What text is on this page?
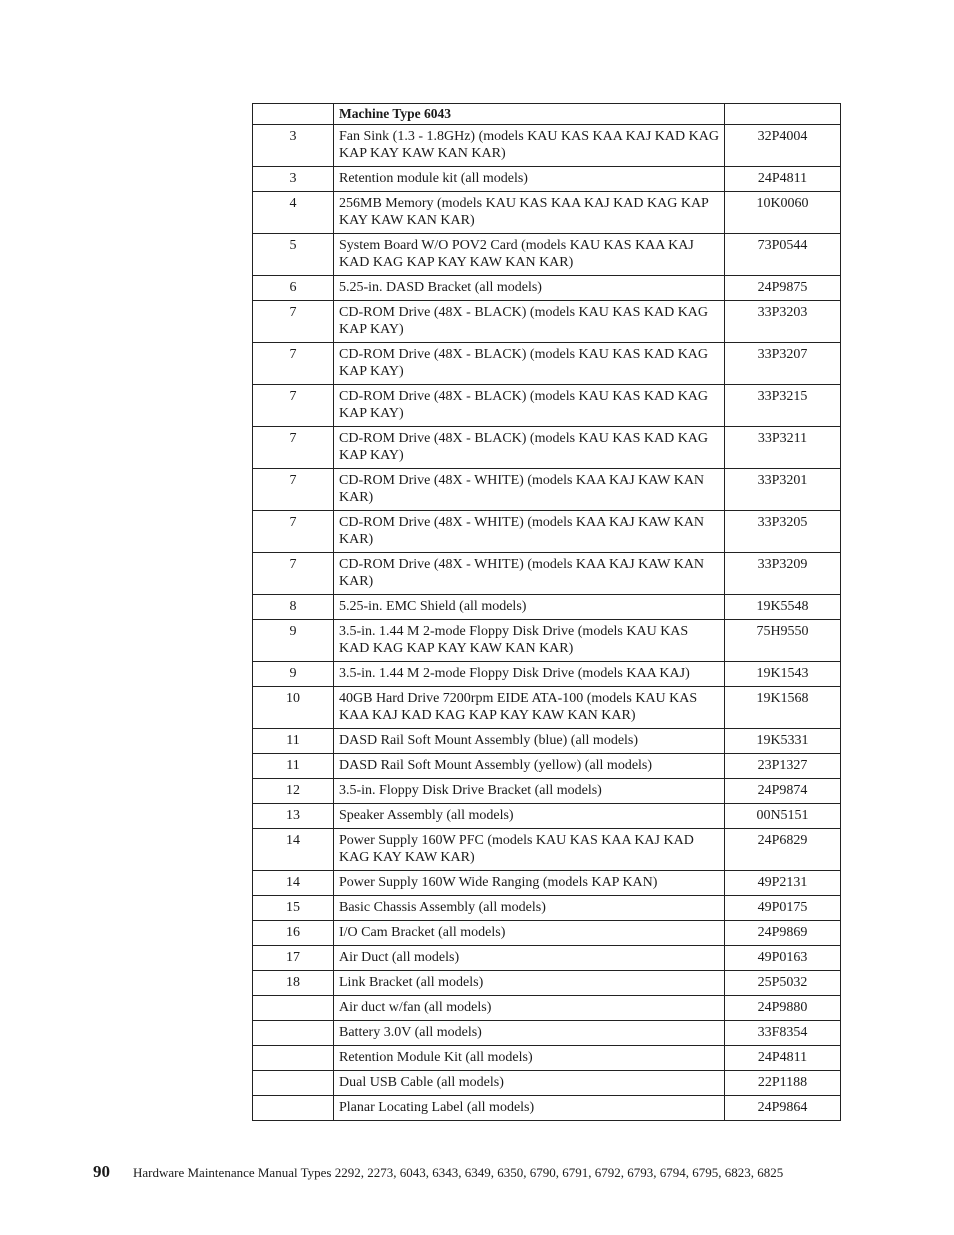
	Machine Type 6043	
3	Fan Sink (1.3 - 1.8GHz) (models KAU KAS KAA KAJ KAD KAG KAP KAY KAW KAN KAR)	32P4004
3	Retention module kit (all models)	24P4811
4	256MB Memory (models KAU KAS KAA KAJ KAD KAG KAP KAY KAW KAN KAR)	10K0060
5	System Board W/O POV2 Card (models KAU KAS KAA KAJ KAD KAG KAP KAY KAW KAN KAR)	73P0544
6	5.25-in. DASD Bracket (all models)	24P9875
7	CD-ROM Drive (48X - BLACK) (models KAU KAS KAD KAG KAP KAY)	33P3203
7	CD-ROM Drive (48X - BLACK) (models KAU KAS KAD KAG KAP KAY)	33P3207
7	CD-ROM Drive (48X - BLACK) (models KAU KAS KAD KAG KAP KAY)	33P3215
7	CD-ROM Drive (48X - BLACK) (models KAU KAS KAD KAG KAP KAY)	33P3211
7	CD-ROM Drive (48X - WHITE) (models KAA KAJ KAW KAN KAR)	33P3201
7	CD-ROM Drive (48X - WHITE) (models KAA KAJ KAW KAN KAR)	33P3205
7	CD-ROM Drive (48X - WHITE) (models KAA KAJ KAW KAN KAR)	33P3209
8	5.25-in. EMC Shield (all models)	19K5548
9	3.5-in. 1.44 M 2-mode Floppy Disk Drive (models KAU KAS KAD KAG KAP KAY KAW KAN KAR)	75H9550
9	3.5-in. 1.44 M 2-mode Floppy Disk Drive (models KAA KAJ)	19K1543
10	40GB Hard Drive 7200rpm EIDE ATA-100 (models KAU KAS KAA KAJ KAD KAG KAP KAY KAW KAN KAR)	19K1568
11	DASD Rail Soft Mount Assembly (blue) (all models)	19K5331
11	DASD Rail Soft Mount Assembly (yellow) (all models)	23P1327
12	3.5-in. Floppy Disk Drive Bracket (all models)	24P9874
13	Speaker Assembly (all models)	00N5151
14	Power Supply 160W PFC (models KAU KAS KAA KAJ KAD KAG KAY KAW KAR)	24P6829
14	Power Supply 160W Wide Ranging (models KAP KAN)	49P2131
15	Basic Chassis Assembly (all models)	49P0175
16	I/O Cam Bracket (all models)	24P9869
17	Air Duct (all models)	49P0163
18	Link Bracket (all models)	25P5032
	Air duct w/fan (all models)	24P9880
	Battery 3.0V (all models)	33F8354
	Retention Module Kit (all models)	24P4811
	Dual USB Cable (all models)	22P1188
	Planar Locating Label (all models)	24P9864
90 Hardware Maintenance Manual Types 2292, 2273, 6043, 6343, 6349, 6350, 6790, 6791, 6792, 6793, 6794, 6795, 6823, 6825
